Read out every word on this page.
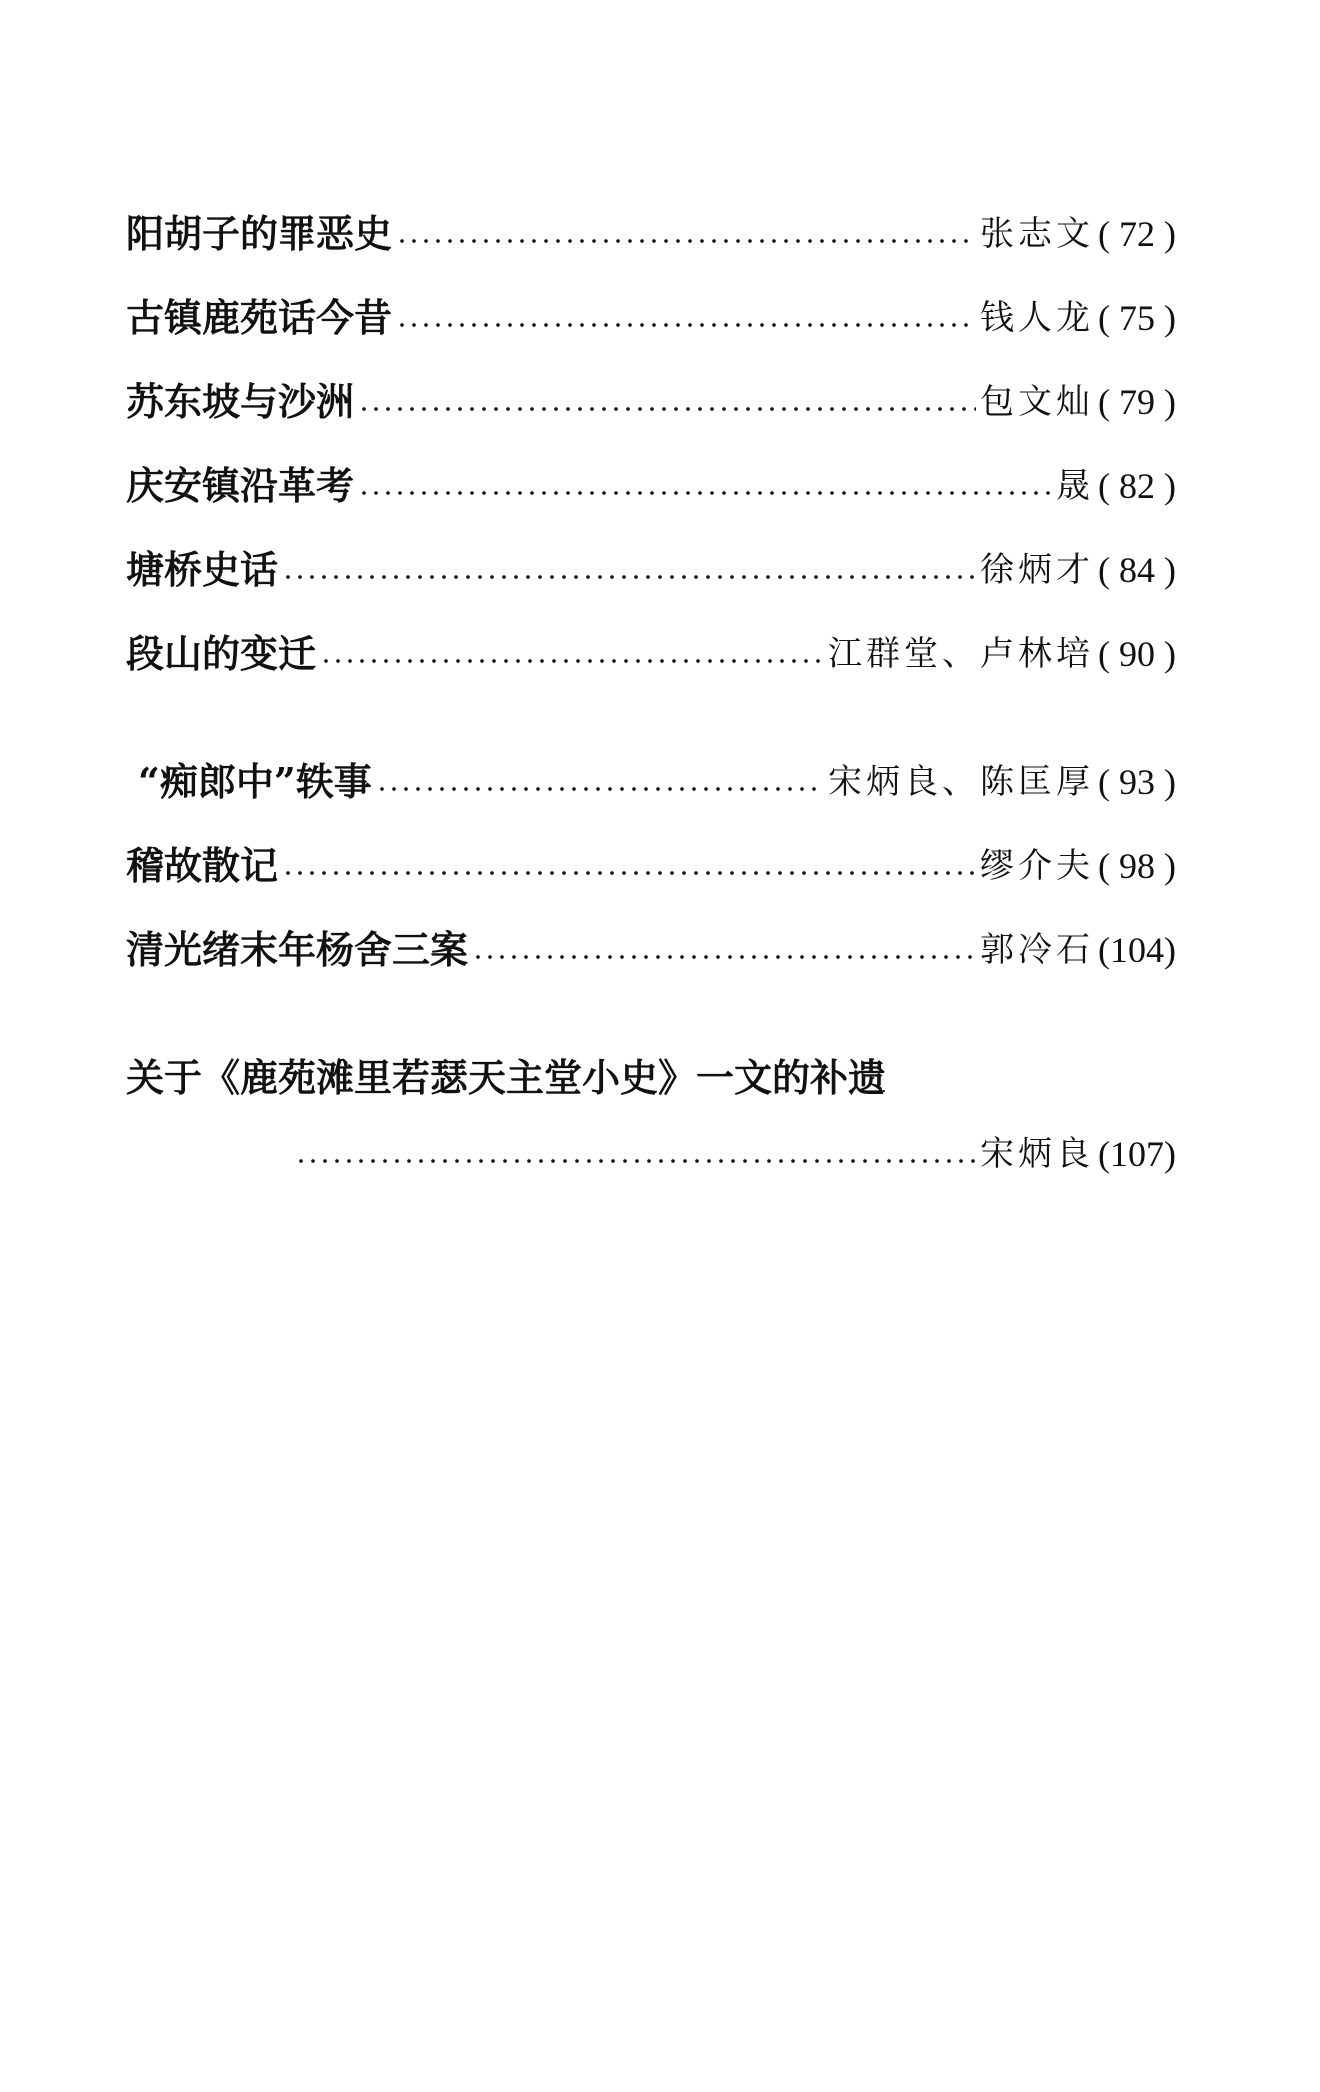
阳胡子的罪恶史	张志文 ( 72 )
古镇鹿苑话今昔	钱人龙 ( 75 )
苏东坡与沙洲	包文灿 ( 79 )
庆安镇沿革考	晟 ( 82 )
塘桥史话	徐炳才 ( 84 )
段山的变迁	江群堂、卢林培 ( 90 )
“痴郎中”轶事	宋炳良、陈匡厚 ( 93 )
稽故散记	缪介夫 ( 98 )
清光绪末年杨舍三案	郭冷石 (104)
关于《鹿苑滩里若瑟天主堂小史》一文的补遗
宋炳良 (107)
